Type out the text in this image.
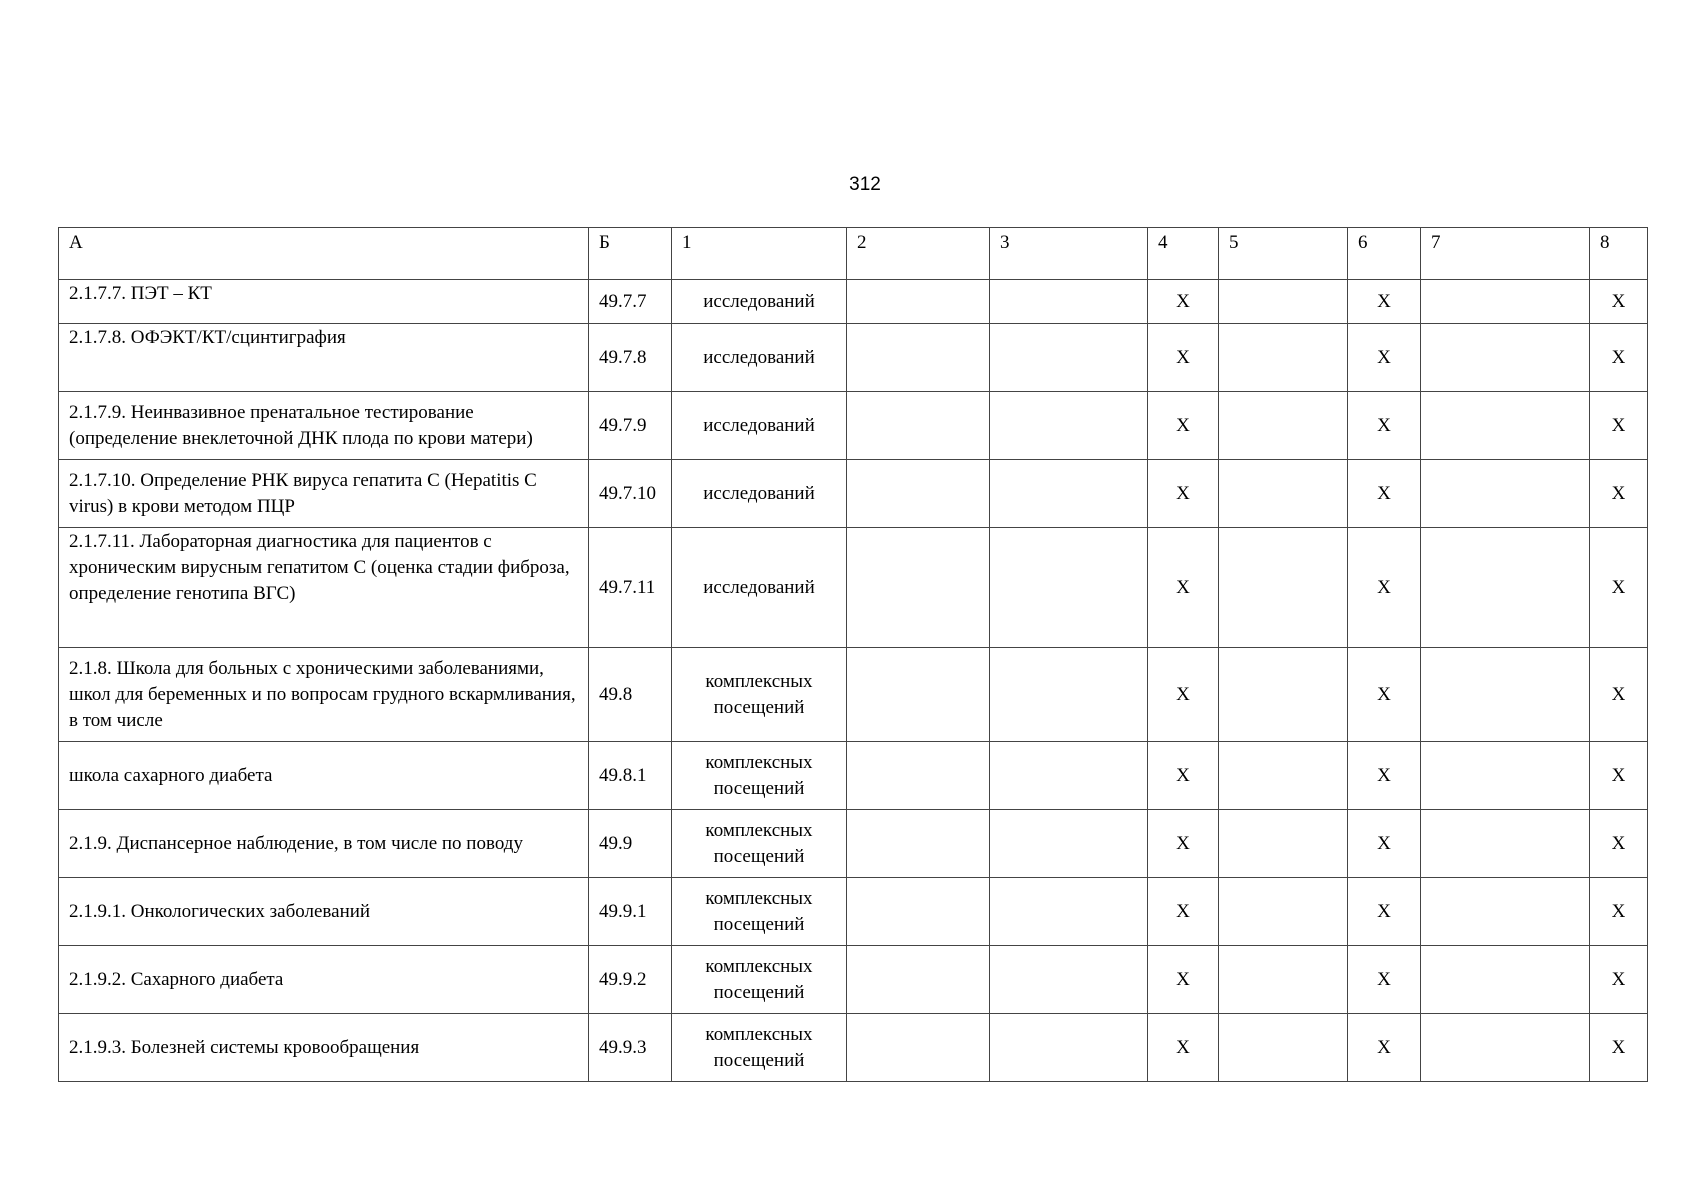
312
А	Б	1	2	3	4	5	6	7	8
2.1.7.7. ПЭТ – КТ	49.7.7	исследований			X		X		X
2.1.7.8. ОФЭКТ/КТ/сцинтиграфия	49.7.8	исследований			X		X		X
2.1.7.9. Неинвазивное пренатальное тестирование (определение внеклеточной ДНК плода по крови матери)	49.7.9	исследований			X		X		X
2.1.7.10. Определение РНК вируса гепатита С (Hepatitis C virus) в крови методом ПЦР	49.7.10	исследований			X		X		X
2.1.7.11. Лабораторная диагностика для пациентов с хроническим вирусным гепатитом С (оценка стадии фиброза, определение генотипа ВГС)	49.7.11	исследований			X		X		X
2.1.8. Школа для больных с хроническими заболеваниями, школ для беременных и по вопросам грудного вскармливания, в том числе	49.8	комплексных посещений			X		X		X
школа сахарного диабета	49.8.1	комплексных посещений			X		X		X
2.1.9. Диспансерное наблюдение, в том числе по поводу	49.9	комплексных посещений			X		X		X
2.1.9.1. Онкологических заболеваний	49.9.1	комплексных посещений			X		X		X
2.1.9.2. Сахарного диабета	49.9.2	комплексных посещений			X		X		X
2.1.9.3. Болезней системы кровообращения	49.9.3	комплексных посещений			X		X		X
